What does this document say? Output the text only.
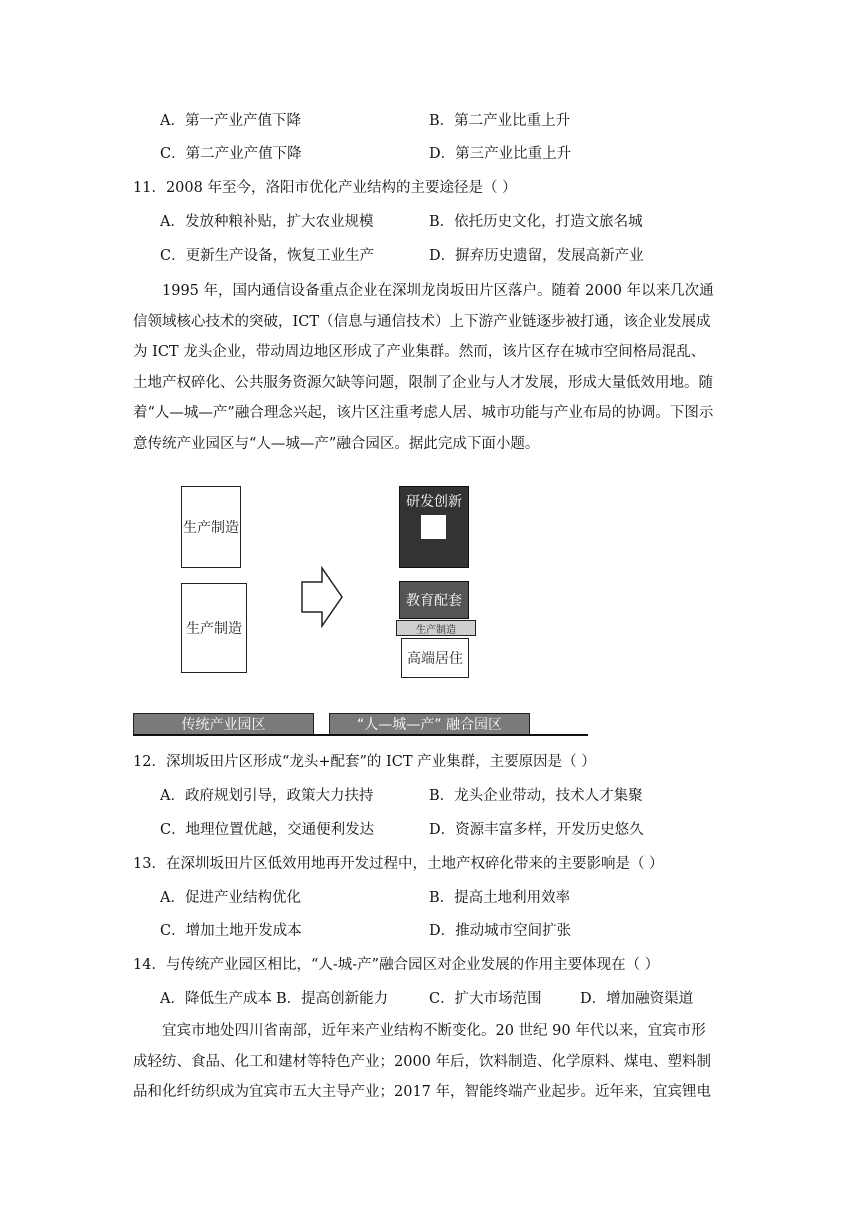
A．第一产业产值下降	B．第二产业比重上升
C．第二产业产值下降	D．第三产业比重上升
11．2008 年至今，洛阳市优化产业结构的主要途径是（ ）
A．发放种粮补贴，扩大农业规模	B．依托历史文化，打造文旅名城
C．更新生产设备，恢复工业生产	D．摒弃历史遗留，发展高新产业

1995 年，国内通信设备重点企业在深圳龙岗坂田片区落户。随着 2000 年以来几次通

信领域核心技术的突破，ICT（信息与通信技术）上下游产业链逐步被打通，该企业发展成

为 ICT 龙头企业，带动周边地区形成了产业集群。然而，该片区存在城市空间格局混乱、

土地产权碎化、公共服务资源欠缺等问题，限制了企业与人才发展，形成大量低效用地。随

着“人—城—产”融合理念兴起，该片区注重考虑人居、城市功能与产业布局的协调。下图示

意传统产业园区与“人—城—产”融合园区。据此完成下面小题。

生产制造
生产制造
研发创新
教育配套
生产制造
高端居住
传统产业园区	“人—城—产” 融合园区
12．深圳坂田片区形成“龙头+配套”的 ICT 产业集群，主要原因是（ ）
A．政府规划引导，政策大力扶持	B．龙头企业带动，技术人才集聚
C．地理位置优越，交通便利发达	D．资源丰富多样，开发历史悠久
13．在深圳坂田片区低效用地再开发过程中，土地产权碎化带来的主要影响是（ ）
A．促进产业结构优化	B．提高土地利用效率
C．增加土地开发成本	D．推动城市空间扩张
14．与传统产业园区相比，“人-城-产”融合园区对企业发展的作用主要体现在（ ）
A．降低生产成本 B．提高创新能力	C．扩大市场范围	D．增加融资渠道

宜宾市地处四川省南部，近年来产业结构不断变化。20 世纪 90 年代以来，宜宾市形

成轻纺、食品、化工和建材等特色产业；2000 年后，饮料制造、化学原料、煤电、塑料制

品和化纤纺织成为宜宾市五大主导产业；2017 年，智能终端产业起步。近年来，宜宾锂电
